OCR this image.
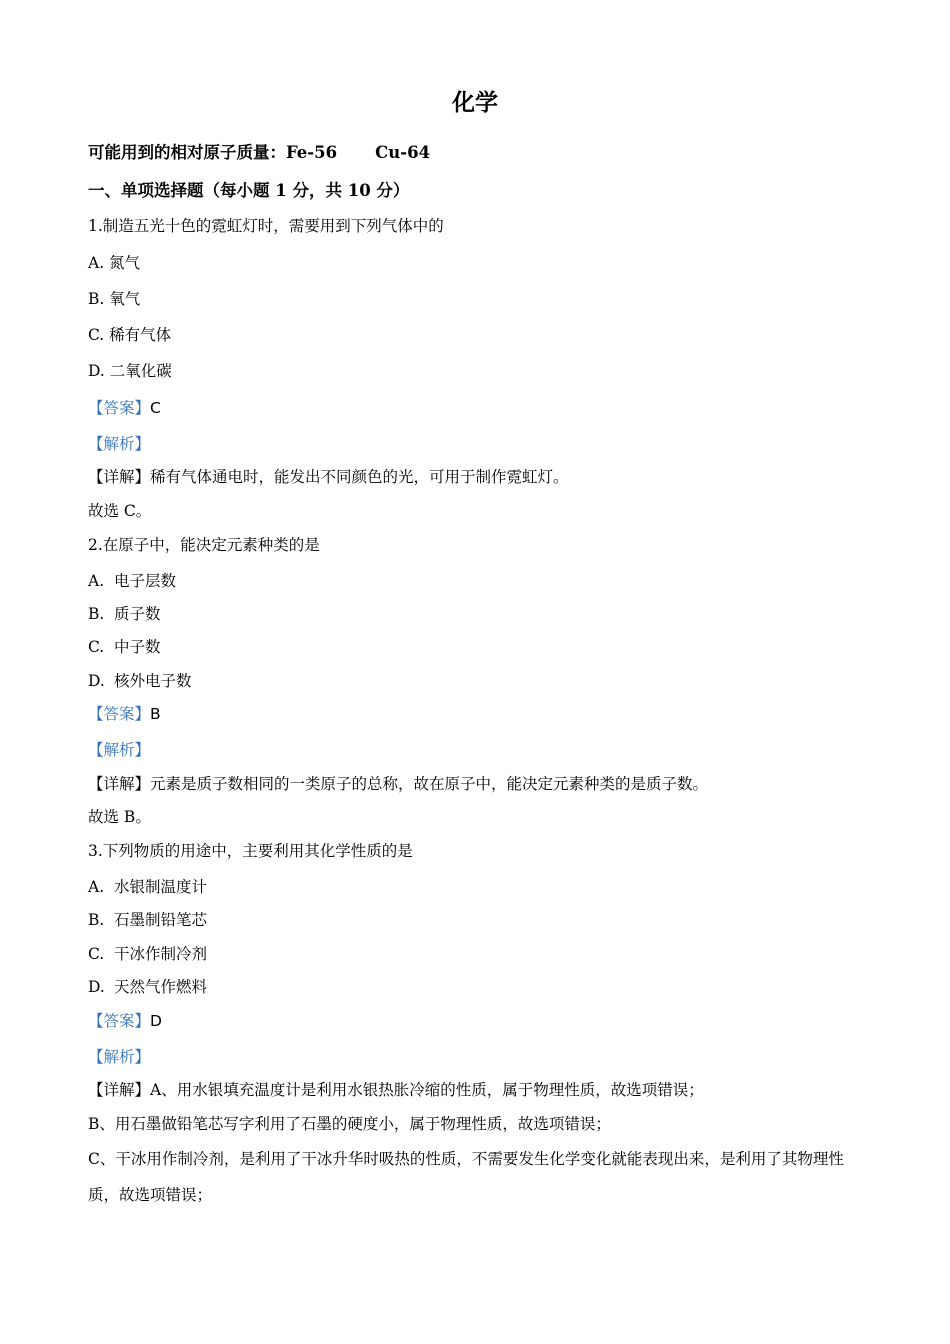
化学
可能用到的相对原子质量：Fe-56 Cu-64
一、单项选择题（每小题 1 分，共 10 分）
1.制造五光十色的霓虹灯时，需要用到下列气体中的
A. 氮气
B. 氧气
C. 稀有气体
D. 二氧化碳
【答案】C
【解析】
【详解】稀有气体通电时，能发出不同颜色的光，可用于制作霓虹灯。
故选 C。
2.在原子中，能决定元素种类的是
A. 电子层数
B. 质子数
C. 中子数
D. 核外电子数
【答案】B
【解析】
【详解】元素是质子数相同的一类原子的总称，故在原子中，能决定元素种类的是质子数。
故选 B。
3.下列物质的用途中，主要利用其化学性质的是
A. 水银制温度计
B. 石墨制铅笔芯
C. 干冰作制冷剂
D. 天然气作燃料
【答案】D
【解析】
【详解】A、用水银填充温度计是利用水银热胀冷缩的性质，属于物理性质，故选项错误；
B、用石墨做铅笔芯写字利用了石墨的硬度小，属于物理性质，故选项错误；
C、干冰用作制冷剂，是利用了干冰升华时吸热的性质，不需要发生化学变化就能表现出来，是利用了其物理性质，故选项错误；
